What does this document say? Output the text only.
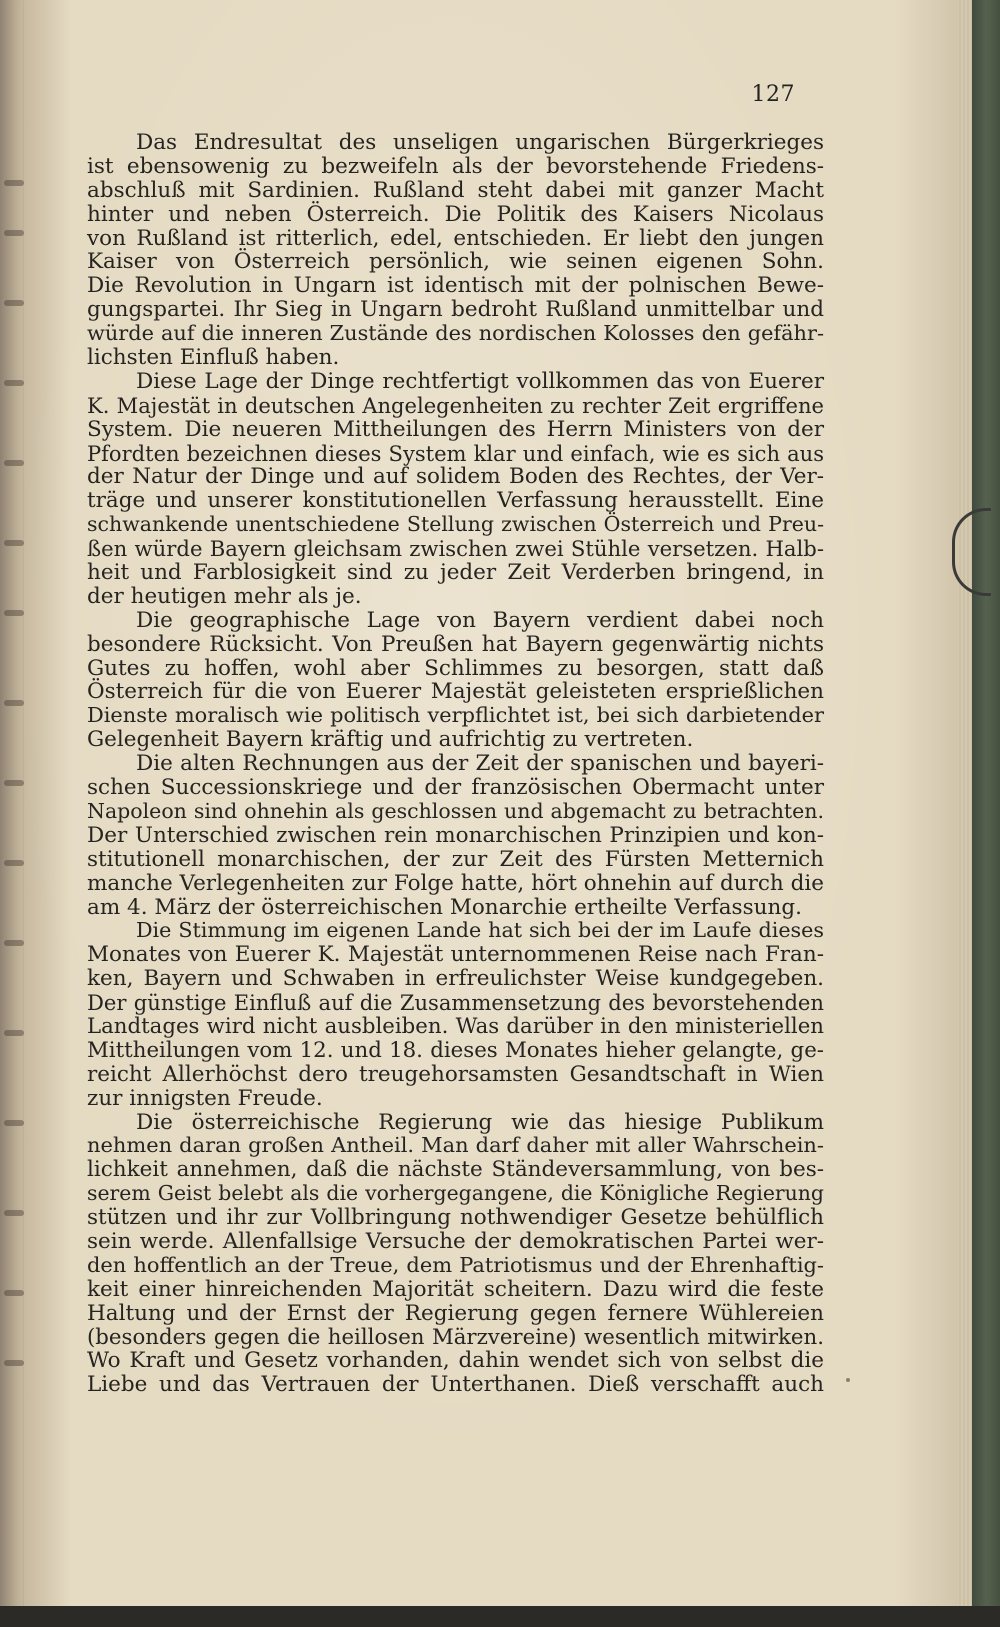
127
Das Endresultat des unseligen ungarischen Bürgerkrieges
ist ebensowenig zu bezweifeln als der bevorstehende Friedens-
abschluß mit Sardinien. Rußland steht dabei mit ganzer Macht
hinter und neben Österreich. Die Politik des Kaisers Nicolaus
von Rußland ist ritterlich, edel, entschieden. Er liebt den jungen
Kaiser von Österreich persönlich, wie seinen eigenen Sohn.
Die Revolution in Ungarn ist identisch mit der polnischen Bewe-
gungspartei. Ihr Sieg in Ungarn bedroht Rußland unmittelbar und
würde auf die inneren Zustände des nordischen Kolosses den gefähr-
lichsten Einfluß haben.
Diese Lage der Dinge rechtfertigt vollkommen das von Euerer
K. Majestät in deutschen Angelegenheiten zu rechter Zeit ergriffene
System. Die neueren Mittheilungen des Herrn Ministers von der
Pfordten bezeichnen dieses System klar und einfach, wie es sich aus
der Natur der Dinge und auf solidem Boden des Rechtes, der Ver-
träge und unserer konstitutionellen Verfassung herausstellt. Eine
schwankende unentschiedene Stellung zwischen Österreich und Preu-
ßen würde Bayern gleichsam zwischen zwei Stühle versetzen. Halb-
heit und Farblosigkeit sind zu jeder Zeit Verderben bringend, in
der heutigen mehr als je.
Die geographische Lage von Bayern verdient dabei noch
besondere Rücksicht. Von Preußen hat Bayern gegenwärtig nichts
Gutes zu hoffen, wohl aber Schlimmes zu besorgen, statt daß
Österreich für die von Euerer Majestät geleisteten ersprießlichen
Dienste moralisch wie politisch verpflichtet ist, bei sich darbietender
Gelegenheit Bayern kräftig und aufrichtig zu vertreten.
Die alten Rechnungen aus der Zeit der spanischen und bayeri-
schen Successionskriege und der französischen Obermacht unter
Napoleon sind ohnehin als geschlossen und abgemacht zu betrachten.
Der Unterschied zwischen rein monarchischen Prinzipien und kon-
stitutionell monarchischen, der zur Zeit des Fürsten Metternich
manche Verlegenheiten zur Folge hatte, hört ohnehin auf durch die
am 4. März der österreichischen Monarchie ertheilte Verfassung.
Die Stimmung im eigenen Lande hat sich bei der im Laufe dieses
Monates von Euerer K. Majestät unternommenen Reise nach Fran-
ken, Bayern und Schwaben in erfreulichster Weise kundgegeben.
Der günstige Einfluß auf die Zusammensetzung des bevorstehenden
Landtages wird nicht ausbleiben. Was darüber in den ministeriellen
Mittheilungen vom 12. und 18. dieses Monates hieher gelangte, ge-
reicht Allerhöchst dero treugehorsamsten Gesandtschaft in Wien
zur innigsten Freude.
Die österreichische Regierung wie das hiesige Publikum
nehmen daran großen Antheil. Man darf daher mit aller Wahrschein-
lichkeit annehmen, daß die nächste Ständeversammlung, von bes-
serem Geist belebt als die vorhergegangene, die Königliche Regierung
stützen und ihr zur Vollbringung nothwendiger Gesetze behülflich
sein werde. Allenfallsige Versuche der demokratischen Partei wer-
den hoffentlich an der Treue, dem Patriotismus und der Ehrenhaftig-
keit einer hinreichenden Majorität scheitern. Dazu wird die feste
Haltung und der Ernst der Regierung gegen fernere Wühlereien
(besonders gegen die heillosen Märzvereine) wesentlich mitwirken.
Wo Kraft und Gesetz vorhanden, dahin wendet sich von selbst die
Liebe und das Vertrauen der Unterthanen. Dieß verschafft auch
